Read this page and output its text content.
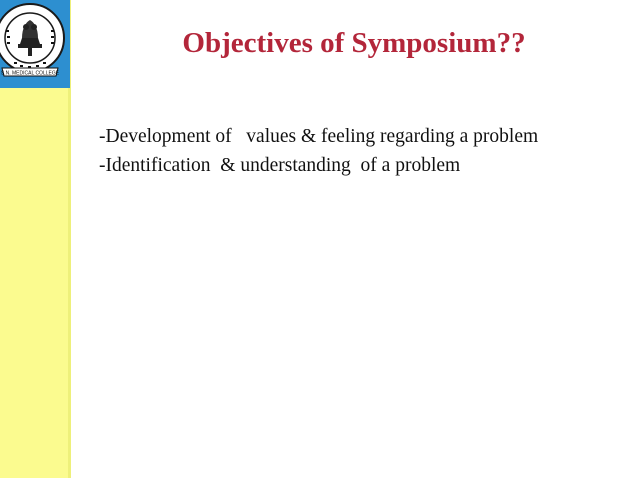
S.N. MEDICAL COLLEGE
Objectives of Symposium??

-Development of   values & feeling regarding a problem

-Identification  & understanding  of a problem
